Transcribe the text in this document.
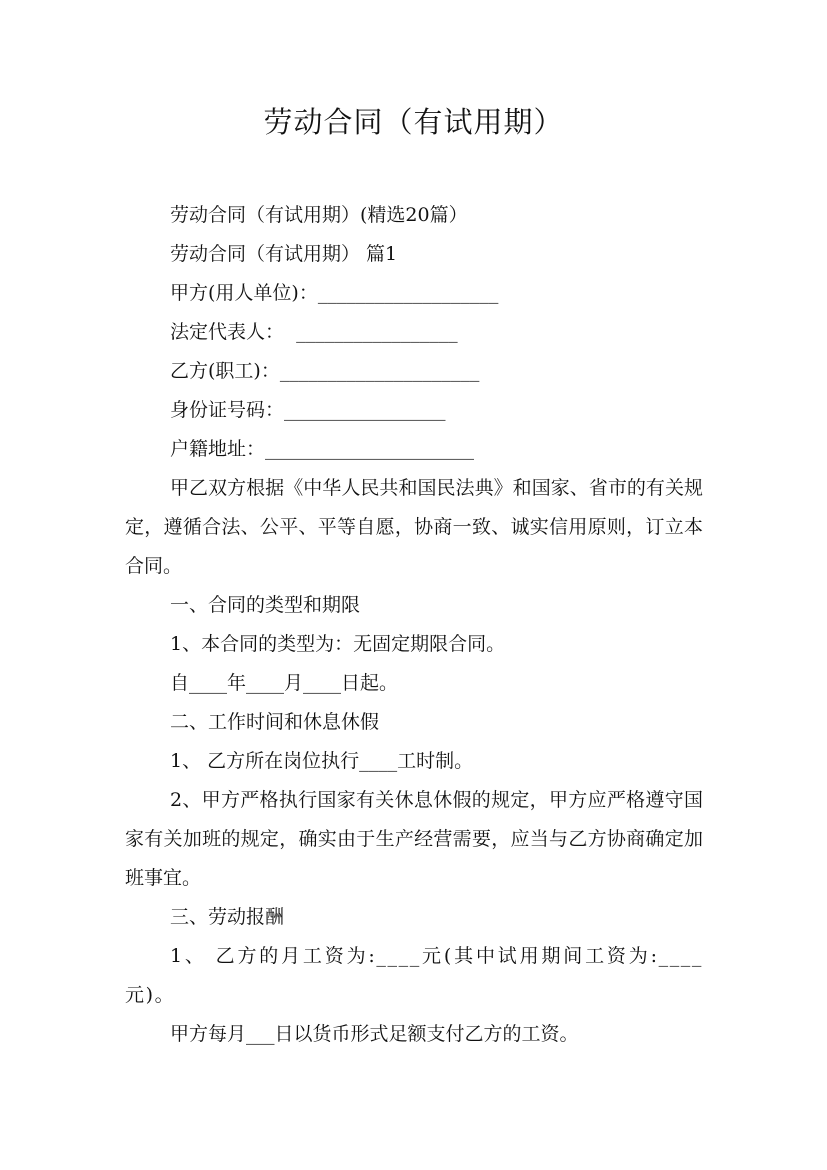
劳动合同（有试用期）

劳动合同（有试用期）(精选20篇）

劳动合同（有试用期） 篇1

甲方(用人单位)：___________________

法定代表人：  _________________

乙方(职工)：_____________________

身份证号码：_________________

户籍地址：______________________

甲乙双方根据《中华人民共和国民法典》和国家、省市的有关规定，遵循合法、公平、平等自愿，协商一致、诚实信用原则，订立本合同。

一、合同的类型和期限

1、本合同的类型为：无固定期限合同。

自____年____月____日起。

二、工作时间和休息休假

1、 乙方所在岗位执行____工时制。

2、甲方严格执行国家有关休息休假的规定，甲方应严格遵守国家有关加班的规定，确实由于生产经营需要，应当与乙方协商确定加班事宜。

三、劳动报酬

1、 乙方的月工资为:____元(其中试用期间工资为:____元)。

甲方每月___日以货币形式足额支付乙方的工资。
